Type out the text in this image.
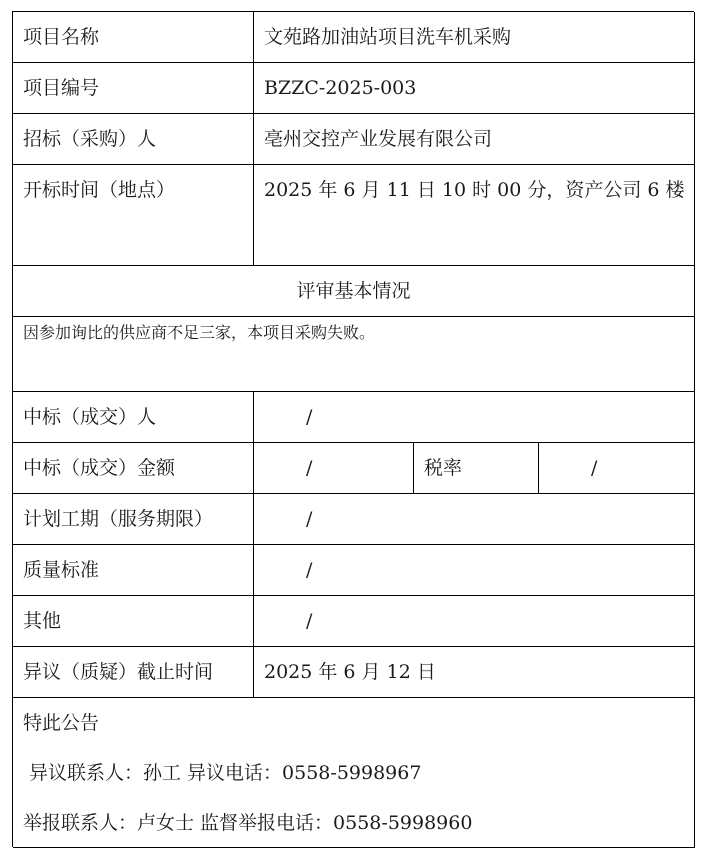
项目名称	文苑路加油站项目洗车机采购
项目编号	BZZC-2025-003
招标（采购）人	亳州交控产业发展有限公司
开标时间（地点）	2025 年 6 月 11 日 10 时 00 分，资产公司 6 楼
评审基本情况
因参加询比的供应商不足三家，本项目采购失败。
中标（成交）人	/
中标（成交）金额	/	税率	/
计划工期（服务期限）	/
质量标准	/
其他	/
异议（质疑）截止时间	2025 年 6 月 12 日
特此公告
异议联系人：孙工 异议电话：0558-5998967
举报联系人：卢女士 监督举报电话：0558-5998960
